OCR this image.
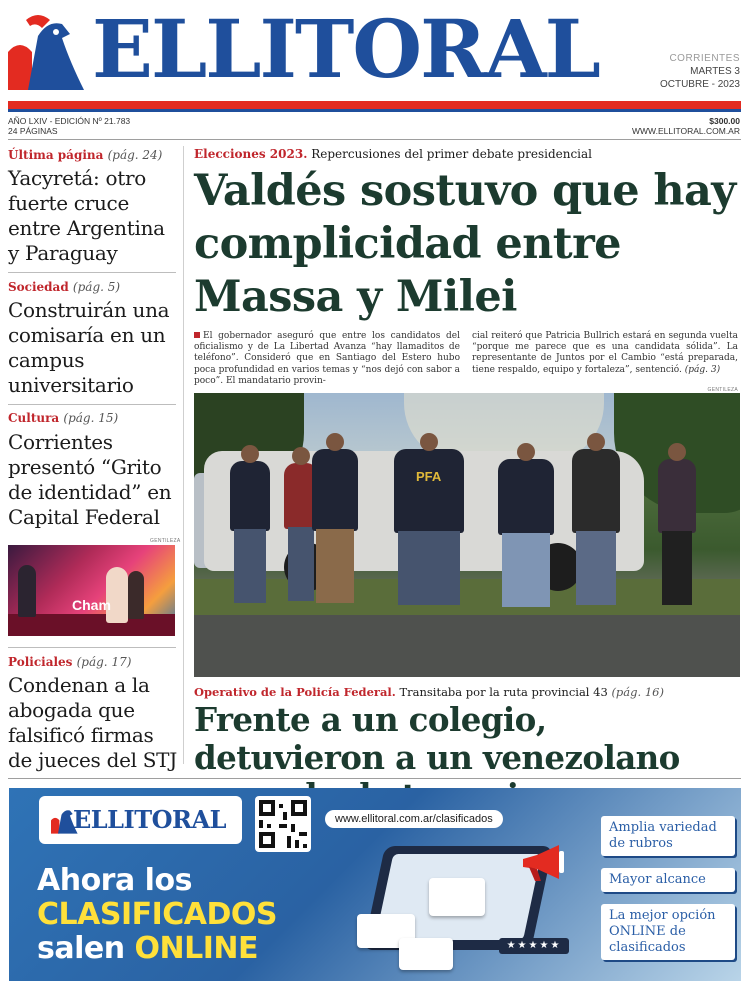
ELLITORAL	CORRIENTES
MARTES 3
OCTUBRE - 2023
AÑO LXIV - EDICIÓN Nº 21.783
24 PÁGINAS
$300.00
WWW.ELLITORAL.COM.AR
Última página (pág. 24)
Yacyretá: otro fuerte cruce entre Argentina y Paraguay
Sociedad (pág. 5)
Construirán una comisaría en un campus universitario
Cultura (pág. 15)
Corrientes presentó “Grito de identidad” en Capital Federal
GENTILEZA
Cham
Policiales (pág. 17)
Condenan a la abogada que falsificó firmas de jueces del STJ
Elecciones 2023. Repercusiones del primer debate presidencial
Valdés sostuvo que hay complicidad entre Massa y Milei
El gobernador aseguró que entre los candidatos del oficialismo y de La Libertad Avanza “hay llamaditos de teléfono”. Consideró que en Santiago del Estero hubo poca profundidad en varios temas y “nos dejó con sabor a poco”. El mandatario provin-
cial reiteró que Patricia Bullrich estará en segunda vuelta “porque me parece que es una candidata sólida”. La representante de Juntos por el Cambio “está preparada, tiene respaldo, equipo y fortaleza”, sentenció. (pág. 3)
GENTILEZA
PFA
Operativo de la Policía Federal. Transitaba por la ruta provincial 43 (pág. 16)
Frente a un colegio, detuvieron a un venezolano
ELLITORAL	www.ellitoral.com.ar/clasificados
Ahora los
CLASIFICADOS
salen ONLINE	★★★★★
Amplia variedad de rubros
Mayor alcance
La mejor opción ONLINE de clasificados
